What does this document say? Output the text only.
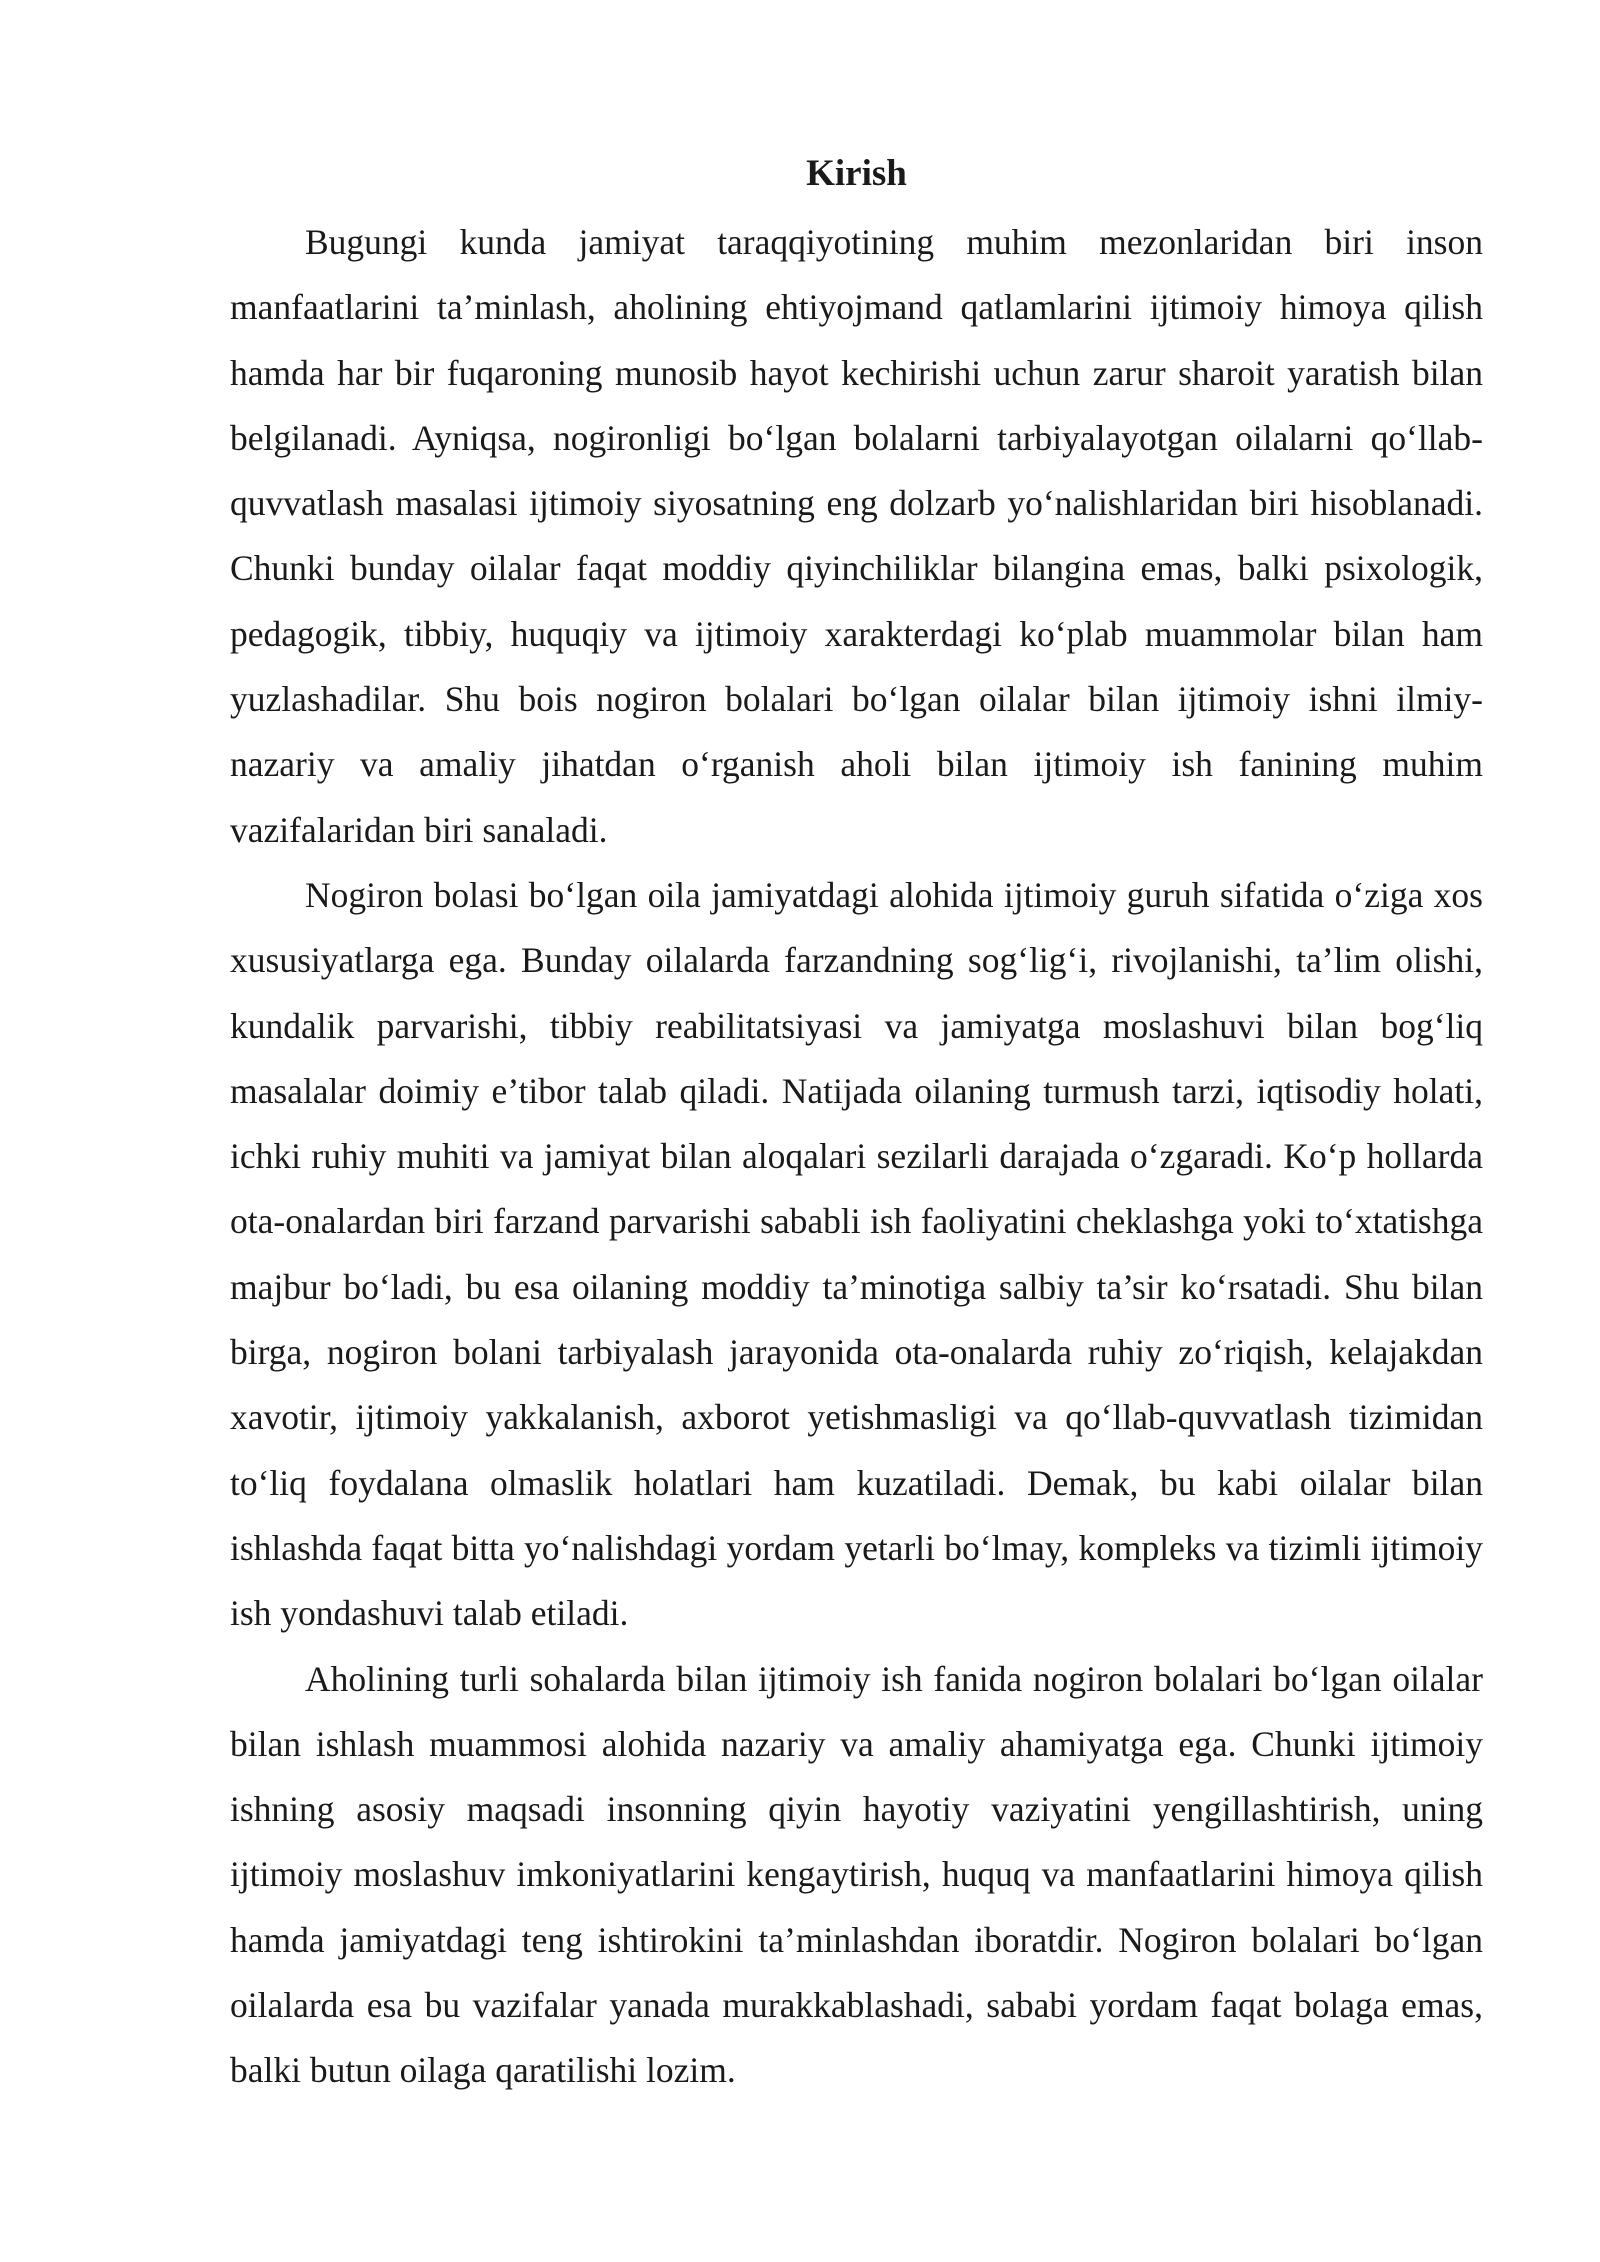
Kirish

Bugungi kunda jamiyat taraqqiyotining muhim mezonlaridan biri inson manfaatlarini ta’minlash, aholining ehtiyojmand qatlamlarini ijtimoiy himoya qilish hamda har bir fuqaroning munosib hayot kechirishi uchun zarur sharoit yaratish bilan belgilanadi. Ayniqsa, nogironligi bo‘lgan bolalarni tarbiyalayotgan oilalarni qo‘llab-quvvatlash masalasi ijtimoiy siyosatning eng dolzarb yo‘nalishlaridan biri hisoblanadi. Chunki bunday oilalar faqat moddiy qiyinchiliklar bilangina emas, balki psixologik, pedagogik, tibbiy, huquqiy va ijtimoiy xarakterdagi ko‘plab muammolar bilan ham yuzlashadilar. Shu bois nogiron bolalari bo‘lgan oilalar bilan ijtimoiy ishni ilmiy-nazariy va amaliy jihatdan o‘rganish aholi bilan ijtimoiy ish fanining muhim vazifalaridan biri sanaladi.

Nogiron bolasi bo‘lgan oila jamiyatdagi alohida ijtimoiy guruh sifatida o‘ziga xos xususiyatlarga ega. Bunday oilalarda farzandning sog‘lig‘i, rivojlanishi, ta’lim olishi, kundalik parvarishi, tibbiy reabilitatsiyasi va jamiyatga moslashuvi bilan bog‘liq masalalar doimiy e’tibor talab qiladi. Natijada oilaning turmush tarzi, iqtisodiy holati, ichki ruhiy muhiti va jamiyat bilan aloqalari sezilarli darajada o‘zgaradi. Ko‘p hollarda ota-onalardan biri farzand parvarishi sababli ish faoliyatini cheklashga yoki to‘xtatishga majbur bo‘ladi, bu esa oilaning moddiy ta’minotiga salbiy ta’sir ko‘rsatadi. Shu bilan birga, nogiron bolani tarbiyalash jarayonida ota-onalarda ruhiy zo‘riqish, kelajakdan xavotir, ijtimoiy yakkalanish, axborot yetishmasligi va qo‘llab-quvvatlash tizimidan to‘liq foydalana olmaslik holatlari ham kuzatiladi. Demak, bu kabi oilalar bilan ishlashda faqat bitta yo‘nalishdagi yordam yetarli bo‘lmay, kompleks va tizimli ijtimoiy ish yondashuvi talab etiladi.

Aholining turli sohalarda bilan ijtimoiy ish fanida nogiron bolalari bo‘lgan oilalar bilan ishlash muammosi alohida nazariy va amaliy ahamiyatga ega. Chunki ijtimoiy ishning asosiy maqsadi insonning qiyin hayotiy vaziyatini yengillashtirish, uning ijtimoiy moslashuv imkoniyatlarini kengaytirish, huquq va manfaatlarini himoya qilish hamda jamiyatdagi teng ishtirokini ta’minlashdan iboratdir. Nogiron bolalari bo‘lgan oilalarda esa bu vazifalar yanada murakkablashadi, sababi yordam faqat bolaga emas, balki butun oilaga qaratilishi lozim.
